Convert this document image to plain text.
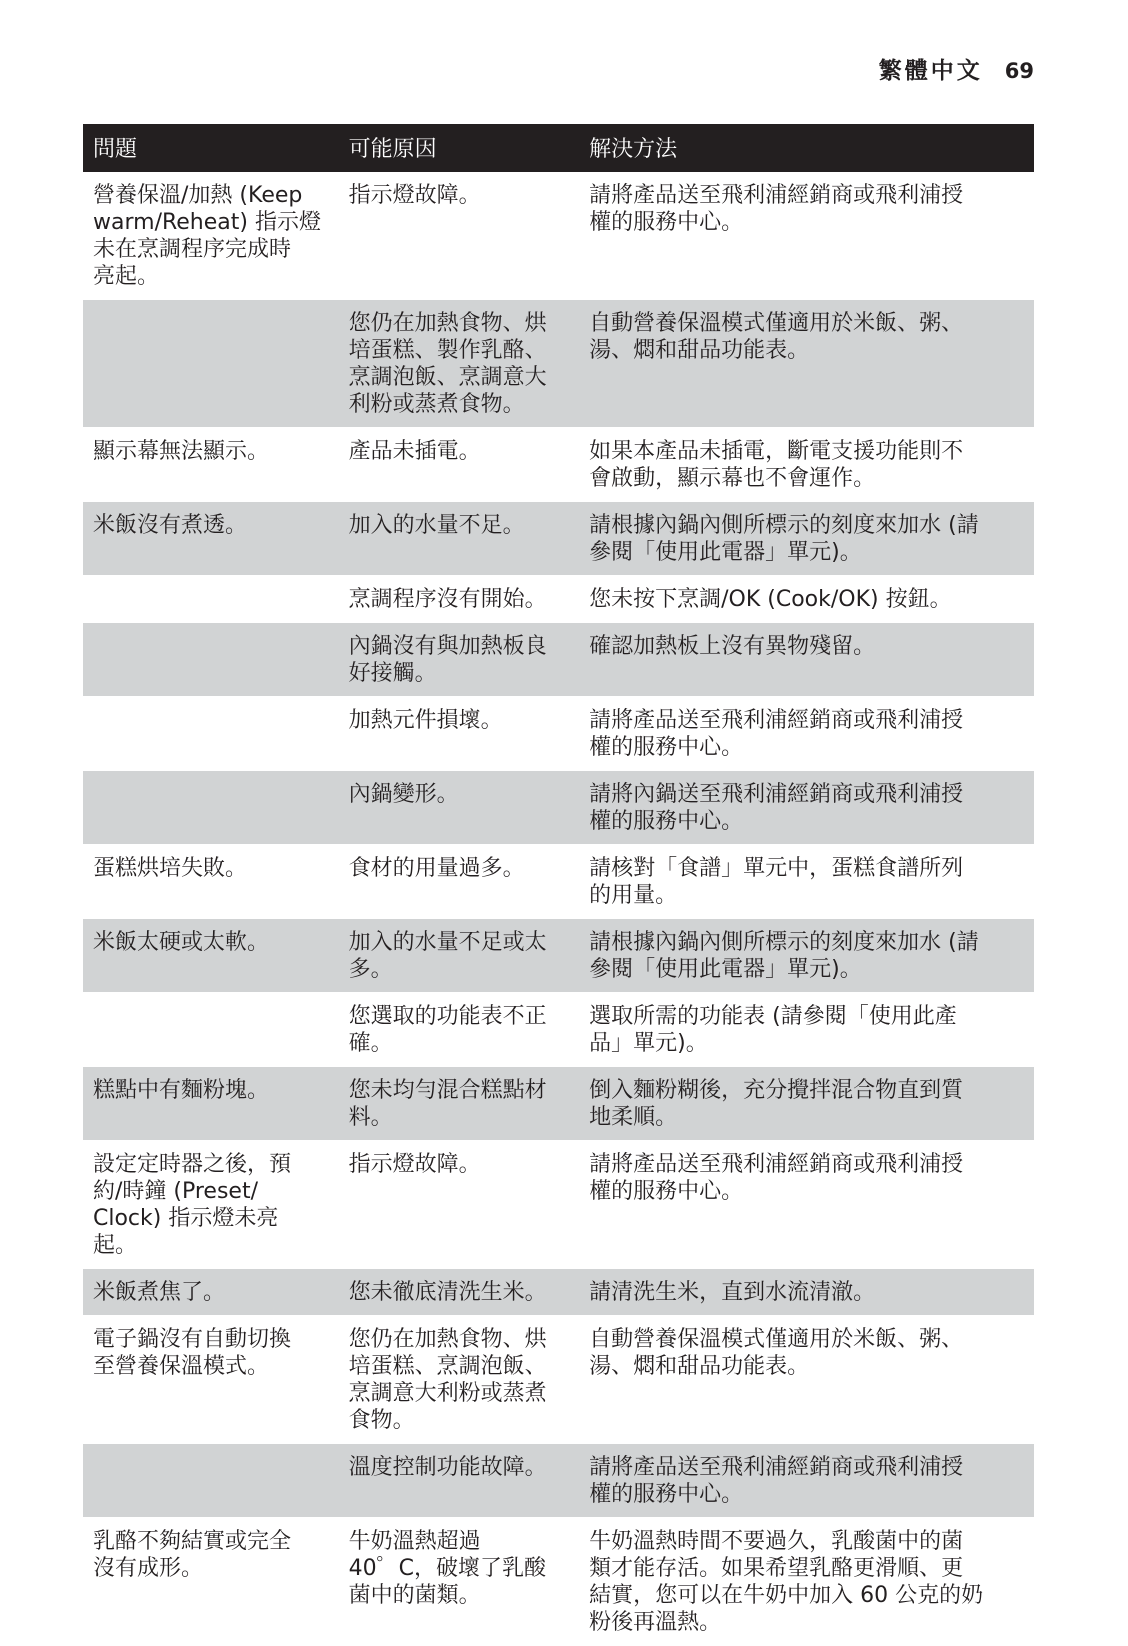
繁體中文 69
問題	可能原因	解決方法

營養保溫/加熱 (Keep
warm/Reheat) 指示燈
未在烹調程序完成時
亮起。	指示燈故障。	請將產品送至飛利浦經銷商或飛利浦授
權的服務中心。

	您仍在加熱食物、烘
培蛋糕、製作乳酪、
烹調泡飯、烹調意大
利粉或蒸煮食物。	自動營養保溫模式僅適用於米飯、粥、
湯、燜和甜品功能表。

顯示幕無法顯示。	產品未插電。	如果本產品未插電，斷電支援功能則不
會啟動，顯示幕也不會運作。

米飯沒有煮透。	加入的水量不足。	請根據內鍋內側所標示的刻度來加水 (請
參閱「使用此電器」單元)。

	烹調程序沒有開始。	您未按下烹調/OK (Cook/OK) 按鈕。

	內鍋沒有與加熱板良
好接觸。	確認加熱板上沒有異物殘留。

	加熱元件損壞。	請將產品送至飛利浦經銷商或飛利浦授
權的服務中心。

	內鍋變形。	請將內鍋送至飛利浦經銷商或飛利浦授
權的服務中心。

蛋糕烘培失敗。	食材的用量過多。	請核對「食譜」單元中，蛋糕食譜所列
的用量。

米飯太硬或太軟。	加入的水量不足或太
多。	請根據內鍋內側所標示的刻度來加水 (請
參閱「使用此電器」單元)。

	您選取的功能表不正
確。	選取所需的功能表 (請參閱「使用此產
品」單元)。

糕點中有麵粉塊。	您未均勻混合糕點材
料。	倒入麵粉糊後，充分攪拌混合物直到質
地柔順。

設定定時器之後，預
約/時鐘 (Preset/
Clock) 指示燈未亮
起。	指示燈故障。	請將產品送至飛利浦經銷商或飛利浦授
權的服務中心。

米飯煮焦了。	您未徹底清洗生米。	請清洗生米，直到水流清澈。

電子鍋沒有自動切換
至營養保溫模式。	您仍在加熱食物、烘
培蛋糕、烹調泡飯、
烹調意大利粉或蒸煮
食物。	自動營養保溫模式僅適用於米飯、粥、
湯、燜和甜品功能表。

	溫度控制功能故障。	請將產品送至飛利浦經銷商或飛利浦授
權的服務中心。

乳酪不夠結實或完全
沒有成形。	牛奶溫熱超過
40゜C，破壞了乳酸
菌中的菌類。	牛奶溫熱時間不要過久，乳酸菌中的菌
類才能存活。如果希望乳酪更滑順、更
結實，您可以在牛奶中加入 60 公克的奶
粉後再溫熱。
